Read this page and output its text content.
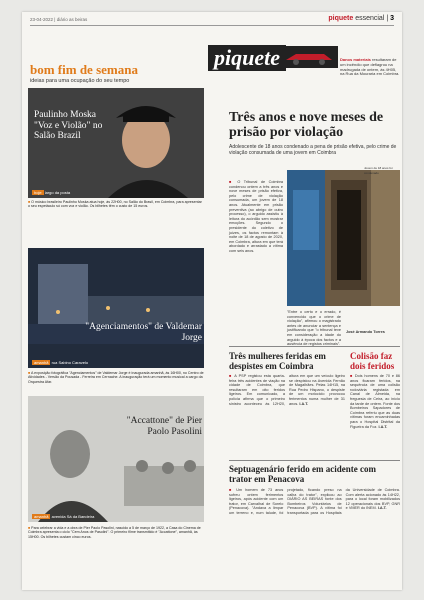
23-04-2022 | diário as beiras	piquete essencial | 3
bom fim de semana
ideias para uma ocupação do seu tempo
Paulinho Moska "Voz e Violão" no Salão Brazil
hoje largo da posta
■ O músico brasileiro Paulinho Moska atua hoje, às 22H00, no Salão do Brasil, em Coimbra, para apresentar o seu espetáculo só com voz e violão. Os bilhetes têm o custo de 15 euros.
"Agenciamentos" de Valdemar Jorge
amanhã rua Sabino Caravelo
■ A exposição fotográfica "Agenciamentos" de Valdemar Jorge é inaugurada amanhã, às 16H00, no Centro de Atividades - Versão da Pousada - Ferreira em Cernache. A inauguração terá um momento musical a cargo da Orquestra Afar.
"Accattone" de Pier Paolo Pasolini
amanhã avenida Sá da Bandeira
■ Para celebrar a vida e a obra de Pier Paolo Pasolini, nascido a 5 de março de 1922, a Casa do Cinema de Coimbra apresenta o ciclo "Cem Anos de Pasolini". O primeiro filme transmitido é "Accattone", amanhã, às 15H00. Os bilhetes custam cinco euros.
piquete	Danos materiais resultaram de um incêndio que deflagrou na madrugada de ontem, às 4H05, na Rua da Mouraria em Coimbra.
Três anos e nove meses de prisão por violação
Adolescente de 18 anos condenado a pena de prisão efetiva, pelo crime de violação consumada de uma jovem em Coimbra
■ O Tribunal de Coimbra condenou ontem a três anos e nove meses de prisão efetiva, pelo crime de violação consumada, um jovem de 18 anos. Atualmente em prisão preventiva (ao abrigo de outro processo), o arguido assistiu à leitura do acórdão sem mostrar emoções. Segundo o presidente do coletivo de juízes, os factos remontam à noite de 18 de agosto de 2020, em Coimbra, altura em que terá abordado e arrastado a vítima com seis anos.
Jovem de 18 anos foi condenado
"Entre o certo e o errado, é convencido que o crime de violação", afirmou o magistrado antes de anunciar a sentença e justificando que "o tribunal teve em consideração a idade do arguido à época dos factos e a ausência de registos criminais".
José Armando Torres
Três mulheres feridas em despistes em Coimbra
■ A PSP registou esta quarta-feira três acidentes de viação na cidade de Coimbra, que resultaram em oito feridos ligeiros. Em comunicado, a polícia afirma que o primeiro sinistro aconteceu às 12H20, altura em que um veículo ligeiro se despistou na Avenida Fernão de Magalhães. Pelas 14H15, na Rua Pedro Hispano, o despiste de um motociclo provocou ferimentos numa mulher de 31 anos. I.A.T.
Colisão faz dois feridos
■ Dois homens de 70 e 86 anos ficaram feridos, na sequência de uma colisão rodoviária registada em Canal de Almeida, na freguesia de Ceira, ao início da tarde de ontem. Fonte dos Bombeiros Sapadores de Coimbra referiu que as duas vítimas foram encaminhadas para o Hospital Distrital da Figueira da Foz. I.A.T.
Septuagenário ferido em acidente com trator em Penacova
■ Um homem de 73 anos sofreu ontem ferimentos ligeiros, após acidente com um trator, em Carvalhal de Sorelo (Penacova). "Andava a limpar um terreno e, num talude, foi projetado, ficando preso na calha do trator", explicou ao DIÁRIO AS BEIRAS fonte dos Bombeiros Voluntários de Penacova (BVP). A vítima foi transportada para os Hospitais da Universidade de Coimbra. Com alerta acionado às 14H22, para o local foram mobilizados 12 operacionais dos BVP, GNR e VMER do INEM. I.A.T.
